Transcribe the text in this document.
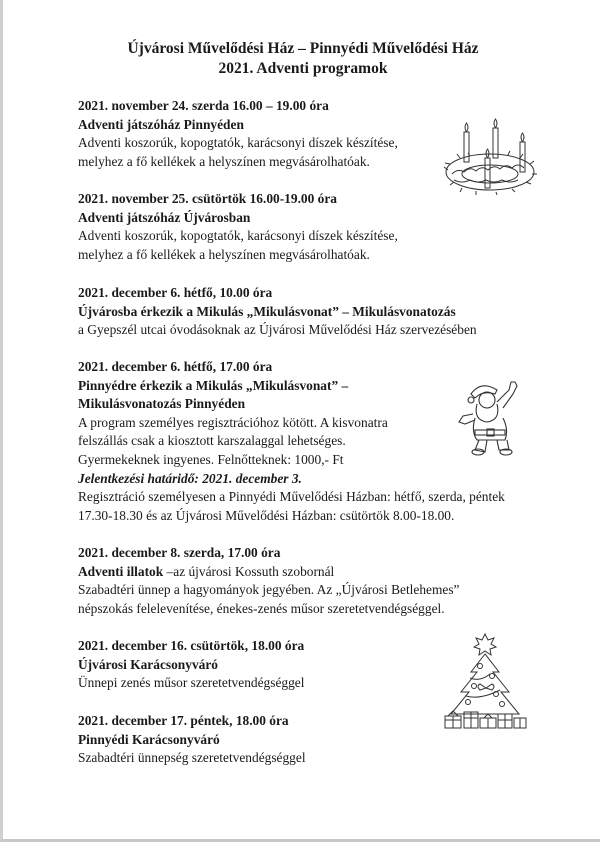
Újvárosi Művelődési Ház – Pinnyédi Művelődési Ház
2021. Adventi programok
2021. november 24. szerda 16.00 – 19.00 óra
Adventi játszóház Pinnyéden
Adventi koszorúk, kopogtatók, karácsonyi díszek készítése,
melyhez a fő kellékek a helyszínen megvásárolhatóak.
2021. november 25. csütörtök 16.00-19.00 óra
Adventi játszóház Újvárosban
Adventi koszorúk, kopogtatók, karácsonyi díszek készítése,
melyhez a fő kellékek a helyszínen megvásárolhatóak.
2021. december 6. hétfő, 10.00 óra
Újvárosba érkezik a Mikulás „Mikulásvonat” – Mikulásvonatozás
a Gyepszél utcai óvodásoknak az Újvárosi Művelődési Ház szervezésében
2021. december 6. hétfő, 17.00 óra
Pinnyédre érkezik a Mikulás „Mikulásvonat” –
Mikulásvonatozás Pinnyéden
A program személyes regisztrációhoz kötött. A kisvonatra
felszállás csak a kiosztott karszalaggal lehetséges.
Gyermekeknek ingyenes. Felnőtteknek: 1000,- Ft
Jelentkezési határidő: 2021. december 3.
Regisztráció személyesen a Pinnyédi Művelődési Házban: hétfő, szerda, péntek
17.30-18.30 és az Újvárosi Művelődési Házban: csütörtök 8.00-18.00.
2021. december 8. szerda, 17.00 óra
Adventi illatok –az újvárosi Kossuth szobornál
Szabadtéri ünnep a hagyományok jegyében. Az „Újvárosi Betlehemes”
népszokás felelevenítése, énekes-zenés műsor szeretetvendégséggel.
2021. december 16. csütörtök, 18.00 óra
Újvárosi Karácsonyváró
Ünnepi zenés műsor szeretetvendégséggel
2021. december 17. péntek, 18.00 óra
Pinnyédi Karácsonyváró
Szabadtéri ünnepség szeretetvendégséggel
